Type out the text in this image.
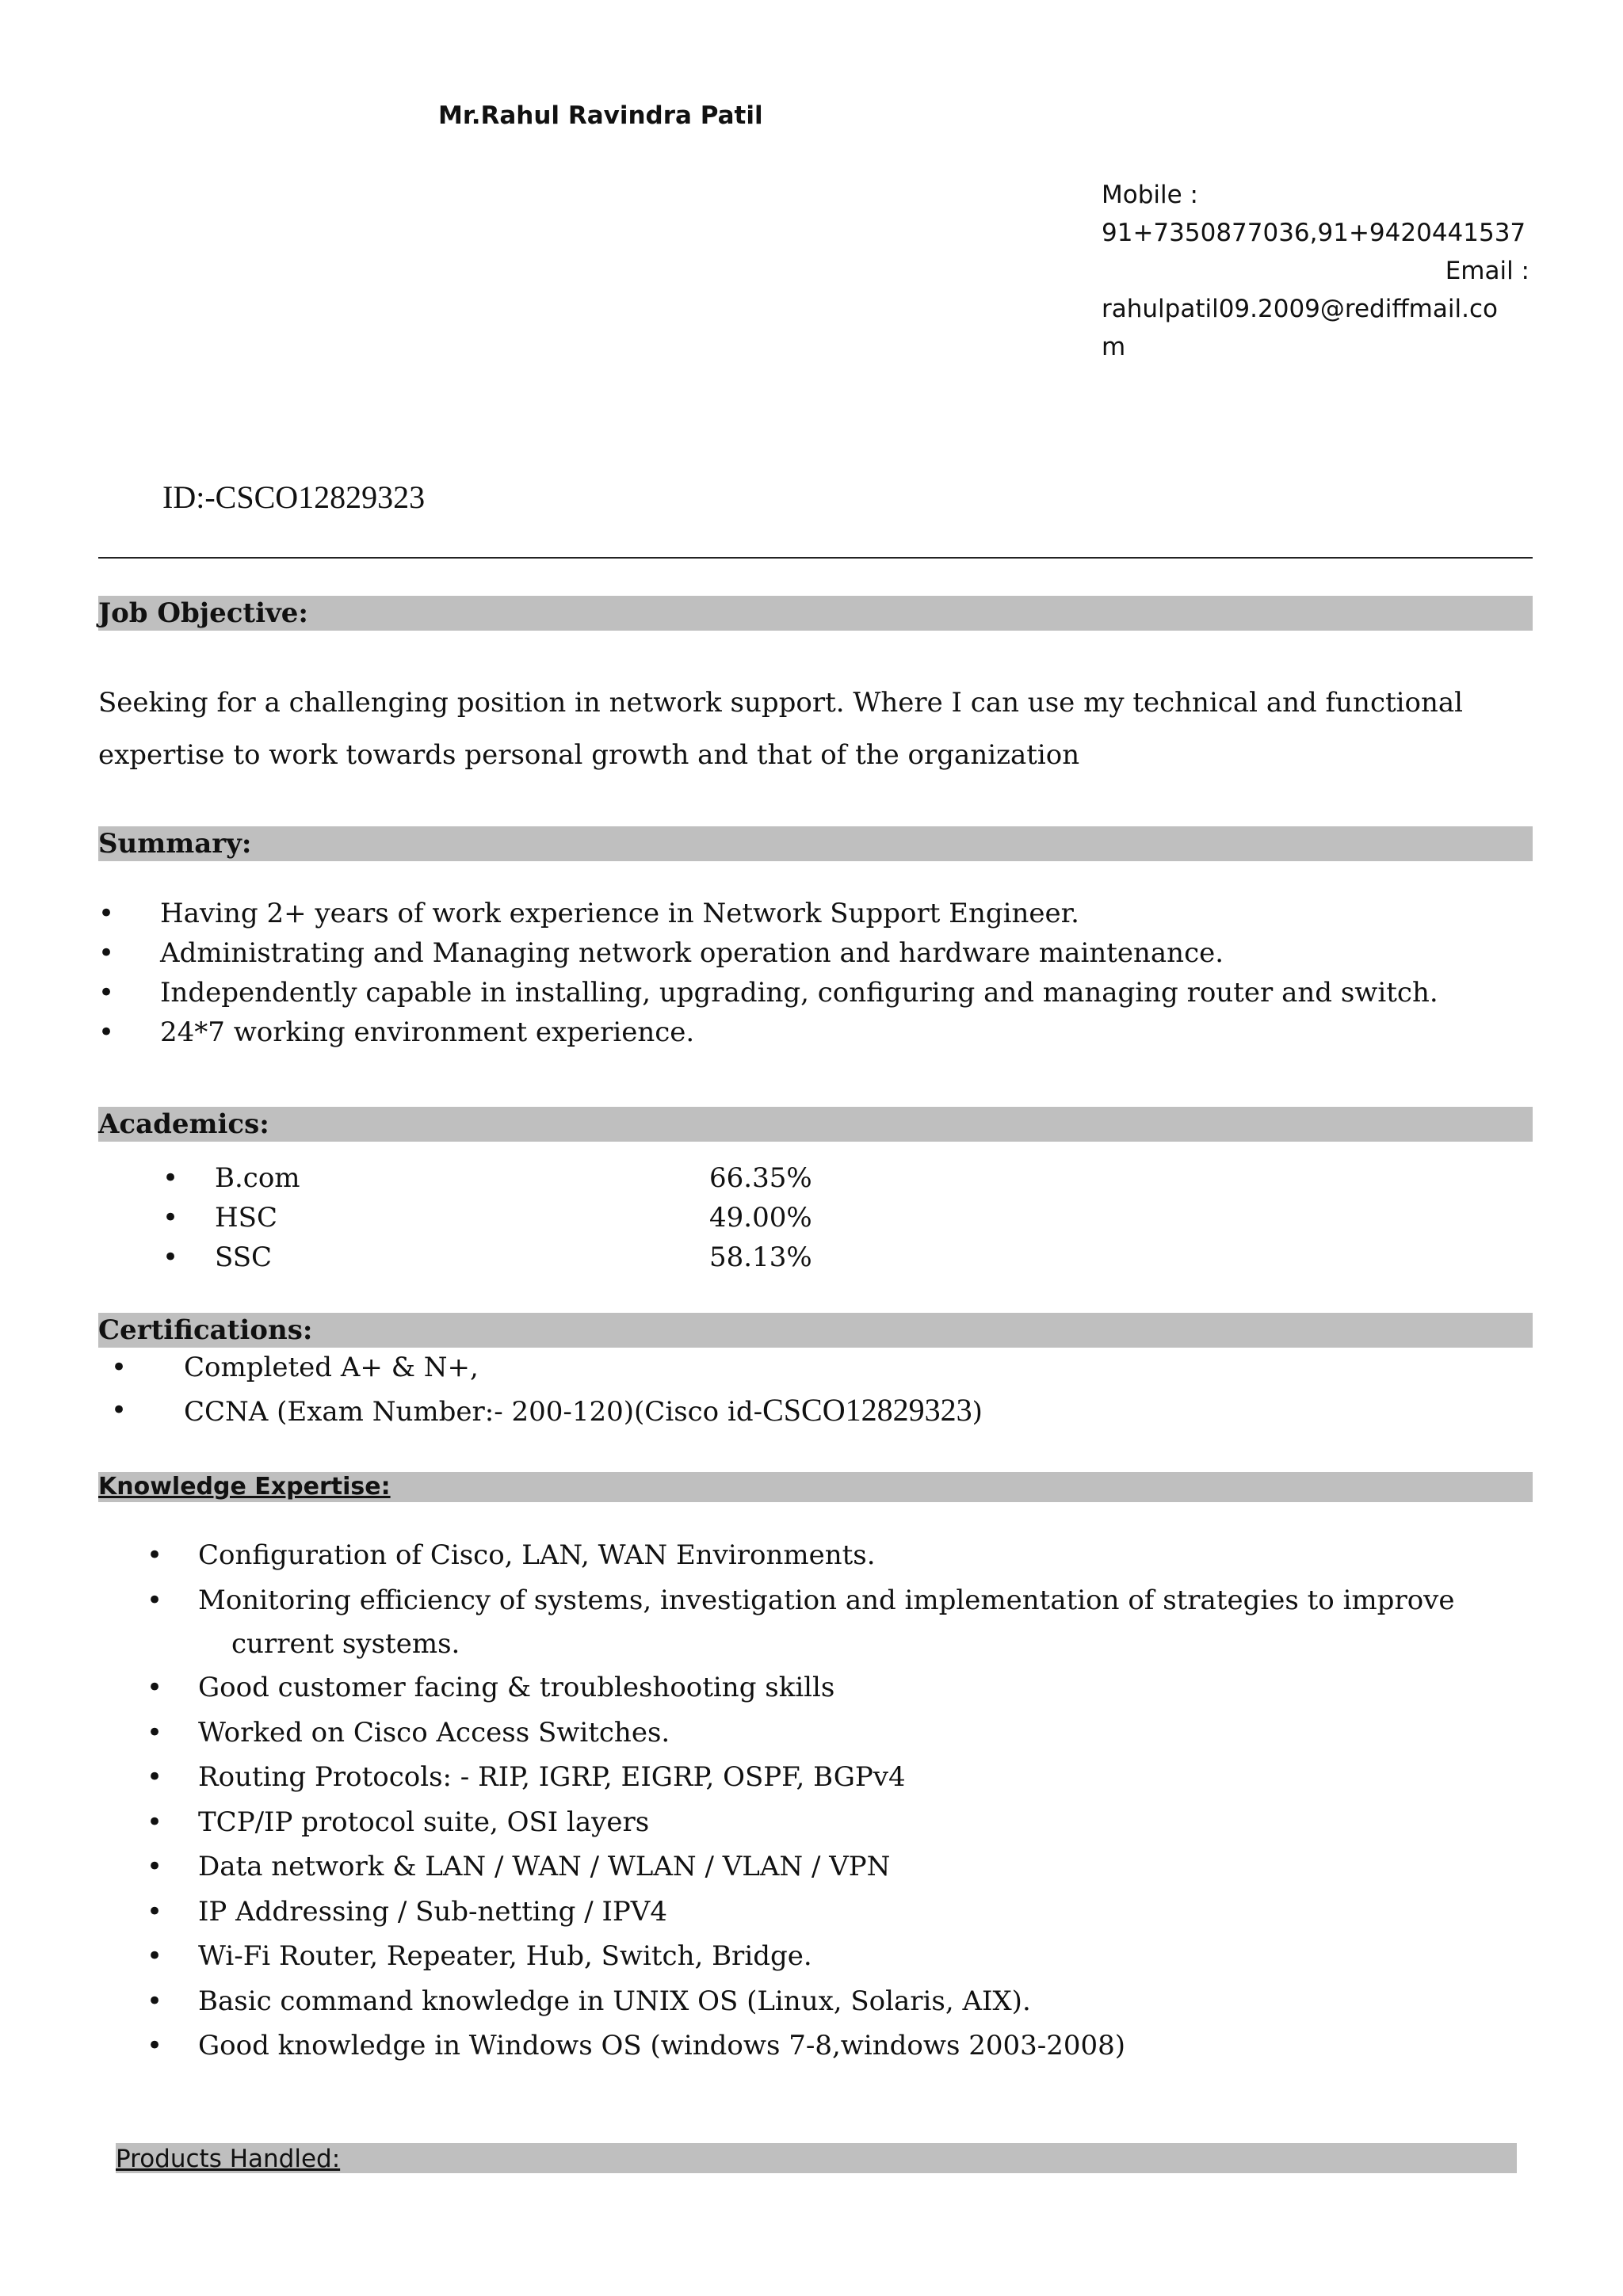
Mr.Rahul Ravindra Patil
Mobile :
91+7350877036,91+9420441537
Email :
rahulpatil09.2009@rediffmail.co
m
ID:-CSCO12829323
Job Objective:
Seeking for a challenging position in network support. Where I can use my technical and functional expertise to work towards personal growth and that of the organization
Summary:
• Having 2+ years of work experience in Network Support Engineer.
• Administrating and Managing network operation and hardware maintenance.
• Independently capable in installing, upgrading, configuring and managing router and switch.
• 24*7 working environment experience.
Academics:
• B.com	66.35%
• HSC	49.00%
• SSC	58.13%
Certifications:
• Completed A+ & N+,
• CCNA (Exam Number:- 200-120)(Cisco id-CSCO12829323)
Knowledge Expertise:
• Configuration of Cisco, LAN, WAN Environments.
• Monitoring efficiency of systems, investigation and implementation of strategies to improve
current systems.
• Good customer facing & troubleshooting skills
• Worked on Cisco Access Switches.
• Routing Protocols: - RIP, IGRP, EIGRP, OSPF, BGPv4
• TCP/IP protocol suite, OSI layers
• Data network & LAN / WAN / WLAN / VLAN / VPN
• IP Addressing / Sub-netting / IPV4
• Wi-Fi Router, Repeater, Hub, Switch, Bridge.
• Basic command knowledge in UNIX OS (Linux, Solaris, AIX).
• Good knowledge in Windows OS (windows 7-8,windows 2003-2008)
Products Handled:
